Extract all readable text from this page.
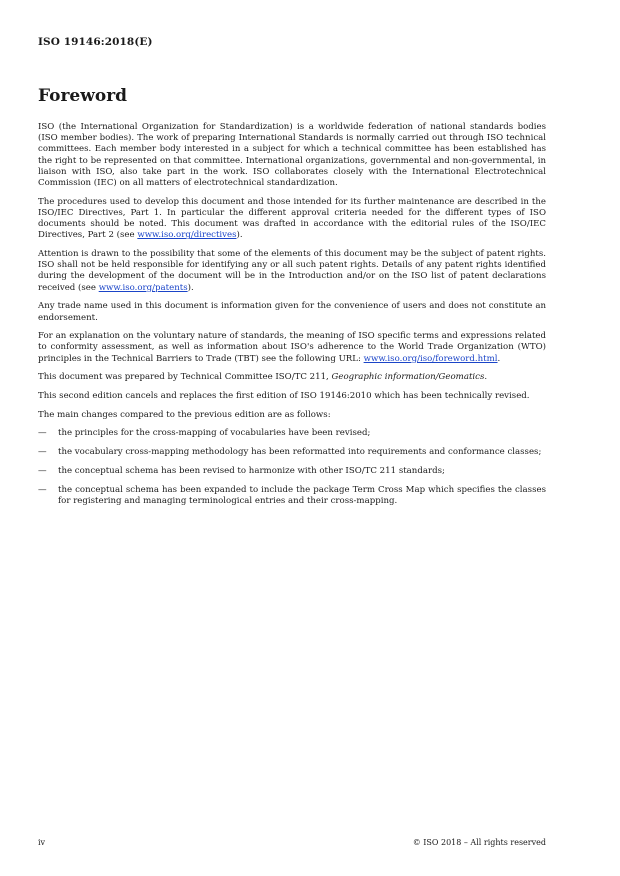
ISO 19146:2018(E)
Foreword

ISO (the International Organization for Standardization) is a worldwide federation of national standards bodies (ISO member bodies). The work of preparing International Standards is normally carried out through ISO technical committees. Each member body interested in a subject for which a technical committee has been established has the right to be represented on that committee. International organizations, governmental and non-governmental, in liaison with ISO, also take part in the work. ISO collaborates closely with the International Electrotechnical Commission (IEC) on all matters of electrotechnical standardization.

The procedures used to develop this document and those intended for its further maintenance are described in the ISO/IEC Directives, Part 1. In particular the different approval criteria needed for the different types of ISO documents should be noted. This document was drafted in accordance with the editorial rules of the ISO/IEC Directives, Part 2 (see www.iso.org/directives).

Attention is drawn to the possibility that some of the elements of this document may be the subject of patent rights. ISO shall not be held responsible for identifying any or all such patent rights. Details of any patent rights identified during the development of the document will be in the Introduction and/or on the ISO list of patent declarations received (see www.iso.org/patents).

Any trade name used in this document is information given for the convenience of users and does not constitute an endorsement.

For an explanation on the voluntary nature of standards, the meaning of ISO specific terms and expressions related to conformity assessment, as well as information about ISO's adherence to the World Trade Organization (WTO) principles in the Technical Barriers to Trade (TBT) see the following URL: www.iso.org/iso/foreword.html.

This document was prepared by Technical Committee ISO/TC 211, Geographic information/Geomatics.

This second edition cancels and replaces the first edition of ISO 19146:2010 which has been technically revised.

The main changes compared to the previous edition are as follows:

—	the principles for the cross-mapping of vocabularies have been revised;
—	the vocabulary cross-mapping methodology has been reformatted into requirements and conformance classes;
—	the conceptual schema has been revised to harmonize with other ISO/TC 211 standards;
—	the conceptual schema has been expanded to include the package Term Cross Map which specifies the classes for registering and managing terminological entries and their cross-mapping.
iv	© ISO 2018 – All rights reserved
